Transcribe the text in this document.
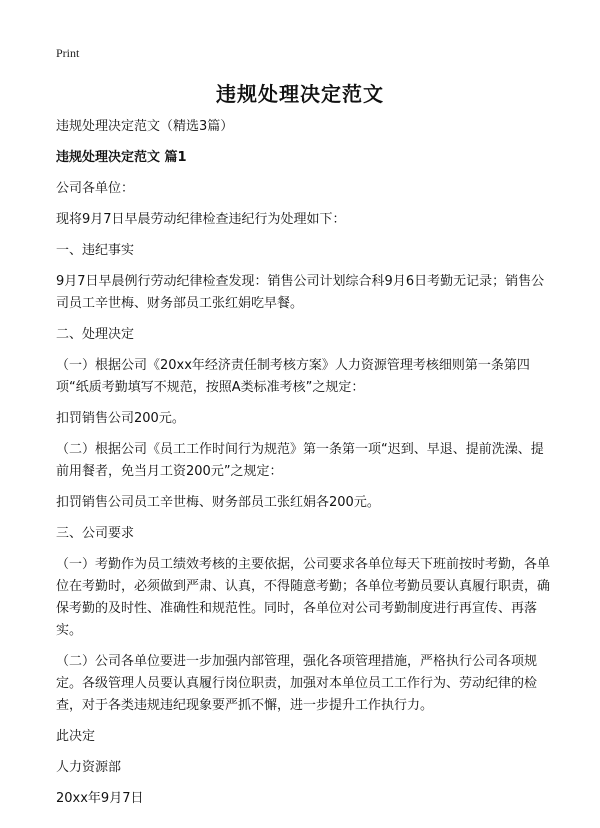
Print
违规处理决定范文

违规处理决定范文（精选3篇）

违规处理决定范文 篇1

公司各单位：

现将9月7日早晨劳动纪律检查违纪行为处理如下：

一、违纪事实

9月7日早晨例行劳动纪律检查发现：销售公司计划综合科9月6日考勤无记录；销售公司员工辛世梅、财务部员工张红娟吃早餐。

二、处理决定

（一）根据公司《20xx年经济责任制考核方案》人力资源管理考核细则第一条第四项“纸质考勤填写不规范，按照A类标准考核”之规定：

扣罚销售公司200元。

（二）根据公司《员工工作时间行为规范》第一条第一项“迟到、早退、提前洗澡、提前用餐者，免当月工资200元”之规定：

扣罚销售公司员工辛世梅、财务部员工张红娟各200元。

三、公司要求

（一）考勤作为员工绩效考核的主要依据，公司要求各单位每天下班前按时考勤，各单位在考勤时，必须做到严肃、认真，不得随意考勤；各单位考勤员要认真履行职责，确保考勤的及时性、准确性和规范性。同时，各单位对公司考勤制度进行再宣传、再落实。

（二）公司各单位要进一步加强内部管理，强化各项管理措施，严格执行公司各项规定。各级管理人员要认真履行岗位职责，加强对本单位员工工作行为、劳动纪律的检查，对于各类违规违纪现象要严抓不懈，进一步提升工作执行力。

此决定

人力资源部

20xx年9月7日
